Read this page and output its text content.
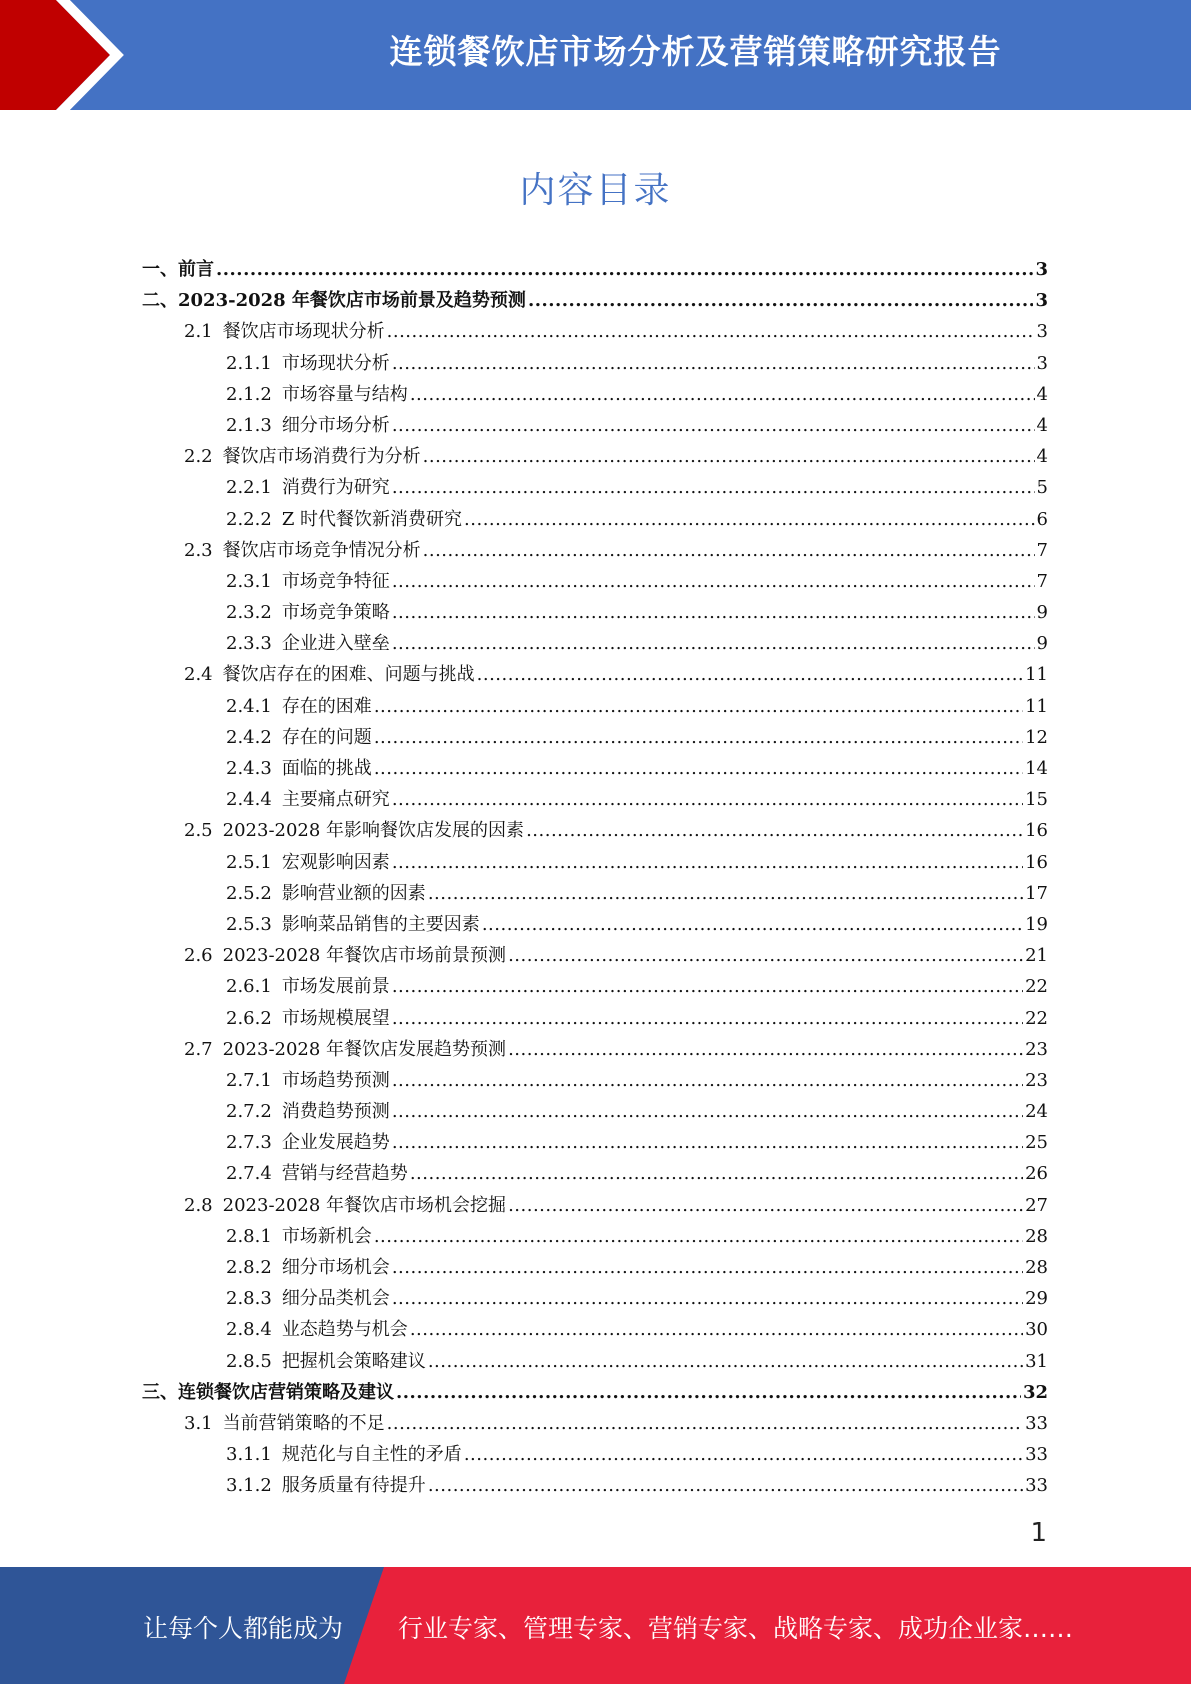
连锁餐饮店市场分析及营销策略研究报告
内容目录
一、 前言 .....	3
二、 2023-2028 年餐饮店市场前景及趋势预测 .....	3
2.1 餐饮店市场现状分析 .....	3
2.1.1 市场现状分析 .....	3
2.1.2 市场容量与结构 .....	4
2.1.3 细分市场分析 .....	4
2.2 餐饮店市场消费行为分析 .....	4
2.2.1 消费行为研究 .....	5
2.2.2 Z 时代餐饮新消费研究 .....	6
2.3 餐饮店市场竞争情况分析 .....	7
2.3.1 市场竞争特征 .....	7
2.3.2 市场竞争策略 .....	9
2.3.3 企业进入壁垒 .....	9
2.4 餐饮店存在的困难、问题与挑战 .....	11
2.4.1 存在的困难 .....	11
2.4.2 存在的问题 .....	12
2.4.3 面临的挑战 .....	14
2.4.4 主要痛点研究 .....	15
2.5 2023-2028 年影响餐饮店发展的因素 .....	16
2.5.1 宏观影响因素 .....	16
2.5.2 影响营业额的因素 .....	17
2.5.3 影响菜品销售的主要因素 .....	19
2.6 2023-2028 年餐饮店市场前景预测 .....	21
2.6.1 市场发展前景 .....	22
2.6.2 市场规模展望 .....	22
2.7 2023-2028 年餐饮店发展趋势预测 .....	23
2.7.1 市场趋势预测 .....	23
2.7.2 消费趋势预测 .....	24
2.7.3 企业发展趋势 .....	25
2.7.4 营销与经营趋势 .....	26
2.8 2023-2028 年餐饮店市场机会挖掘 .....	27
2.8.1 市场新机会 .....	28
2.8.2 细分市场机会 .....	28
2.8.3 细分品类机会 .....	29
2.8.4 业态趋势与机会 .....	30
2.8.5 把握机会策略建议 .....	31
三、 连锁餐饮店营销策略及建议 .....	32
3.1 当前营销策略的不足 .....	33
3.1.1 规范化与自主性的矛盾 .....	33
3.1.2 服务质量有待提升 .....	33
1
让每个人都能成为 行业专家、管理专家、营销专家、战略专家、成功企业家……
